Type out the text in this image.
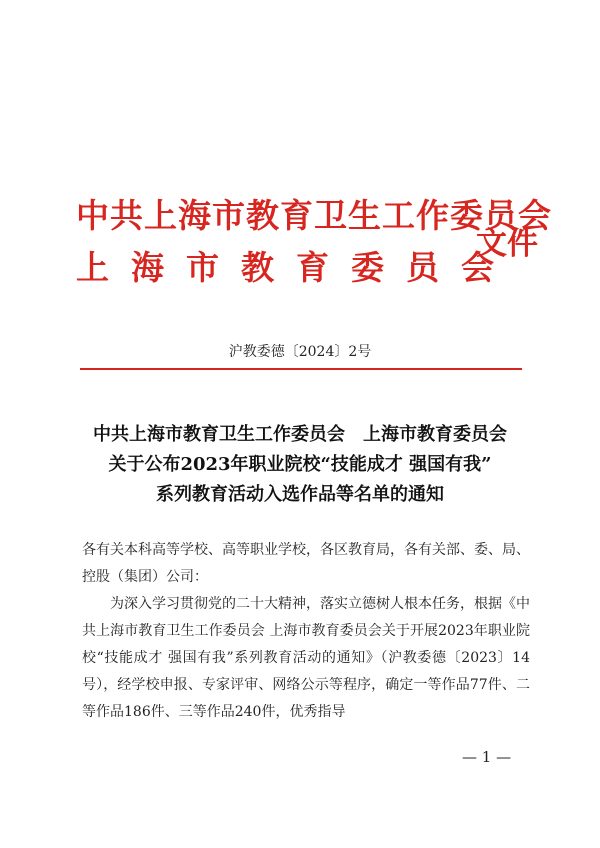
中共上海市教育卫生工作委员会
上海市教育委员会
文件
沪教委德〔2024〕2号
中共上海市教育卫生工作委员会　上海市教育委员会
关于公布2023年职业院校“技能成才 强国有我”
系列教育活动入选作品等名单的通知

各有关本科高等学校、高等职业学校，各区教育局，各有关部、委、局、控股（集团）公司：

为深入学习贯彻党的二十大精神，落实立德树人根本任务，根据《中共上海市教育卫生工作委员会 上海市教育委员会关于开展2023年职业院校“技能成才 强国有我”系列教育活动的通知》（沪教委德〔2023〕14号），经学校申报、专家评审、网络公示等程序，确定一等作品77件、二等作品186件、三等作品240件，优秀指导

— 1 —
